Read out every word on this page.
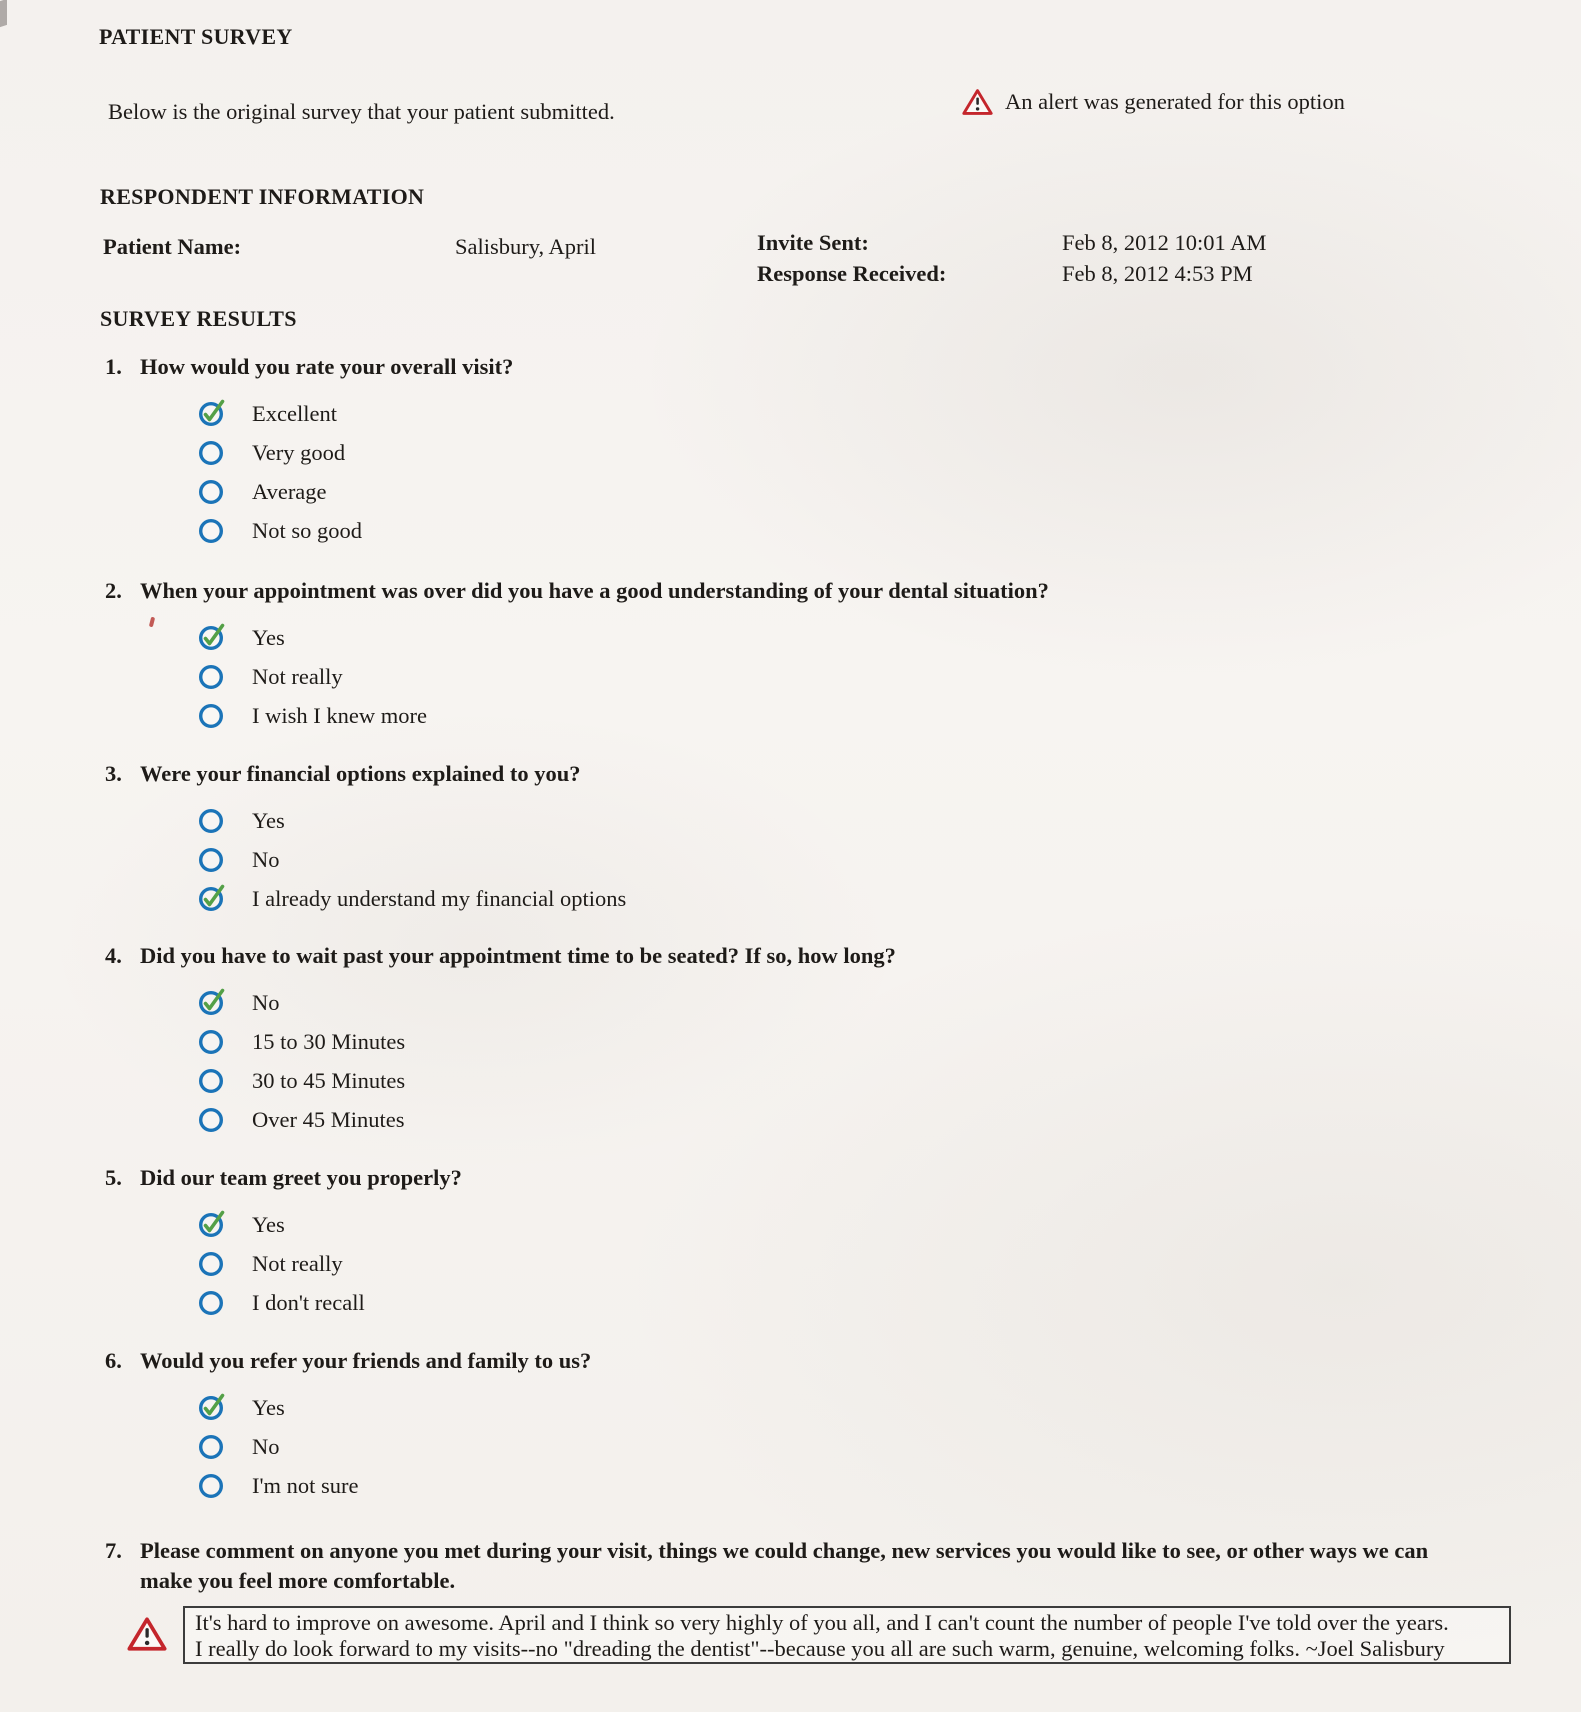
PATIENT SURVEY
Below is the original survey that your patient submitted.	An alert was generated for this option
RESPONDENT INFORMATION
Patient Name:	Salisbury, April	Invite Sent:	Feb 8, 2012 10:01 AM
Response Received:	Feb 8, 2012 4:53 PM
SURVEY RESULTS
1. How would you rate your overall visit?
Excellent
Very good
Average
Not so good
2. When your appointment was over did you have a good understanding of your dental situation?
Yes
Not really
I wish I knew more
3. Were your financial options explained to you?
Yes
No
I already understand my financial options
4. Did you have to wait past your appointment time to be seated? If so, how long?
No
15 to 30 Minutes
30 to 45 Minutes
Over 45 Minutes
5. Did our team greet you properly?
Yes
Not really
I don't recall
6. Would you refer your friends and family to us?
Yes
No
I'm not sure
7. Please comment on anyone you met during your visit, things we could change, new services you would like to see, or other ways we can
make you feel more comfortable.
It's hard to improve on awesome. April and I think so very highly of you all, and I can't count the number of people I've told over the years.
I really do look forward to my visits--no "dreading the dentist"--because you all are such warm, genuine, welcoming folks. ~Joel Salisbury
